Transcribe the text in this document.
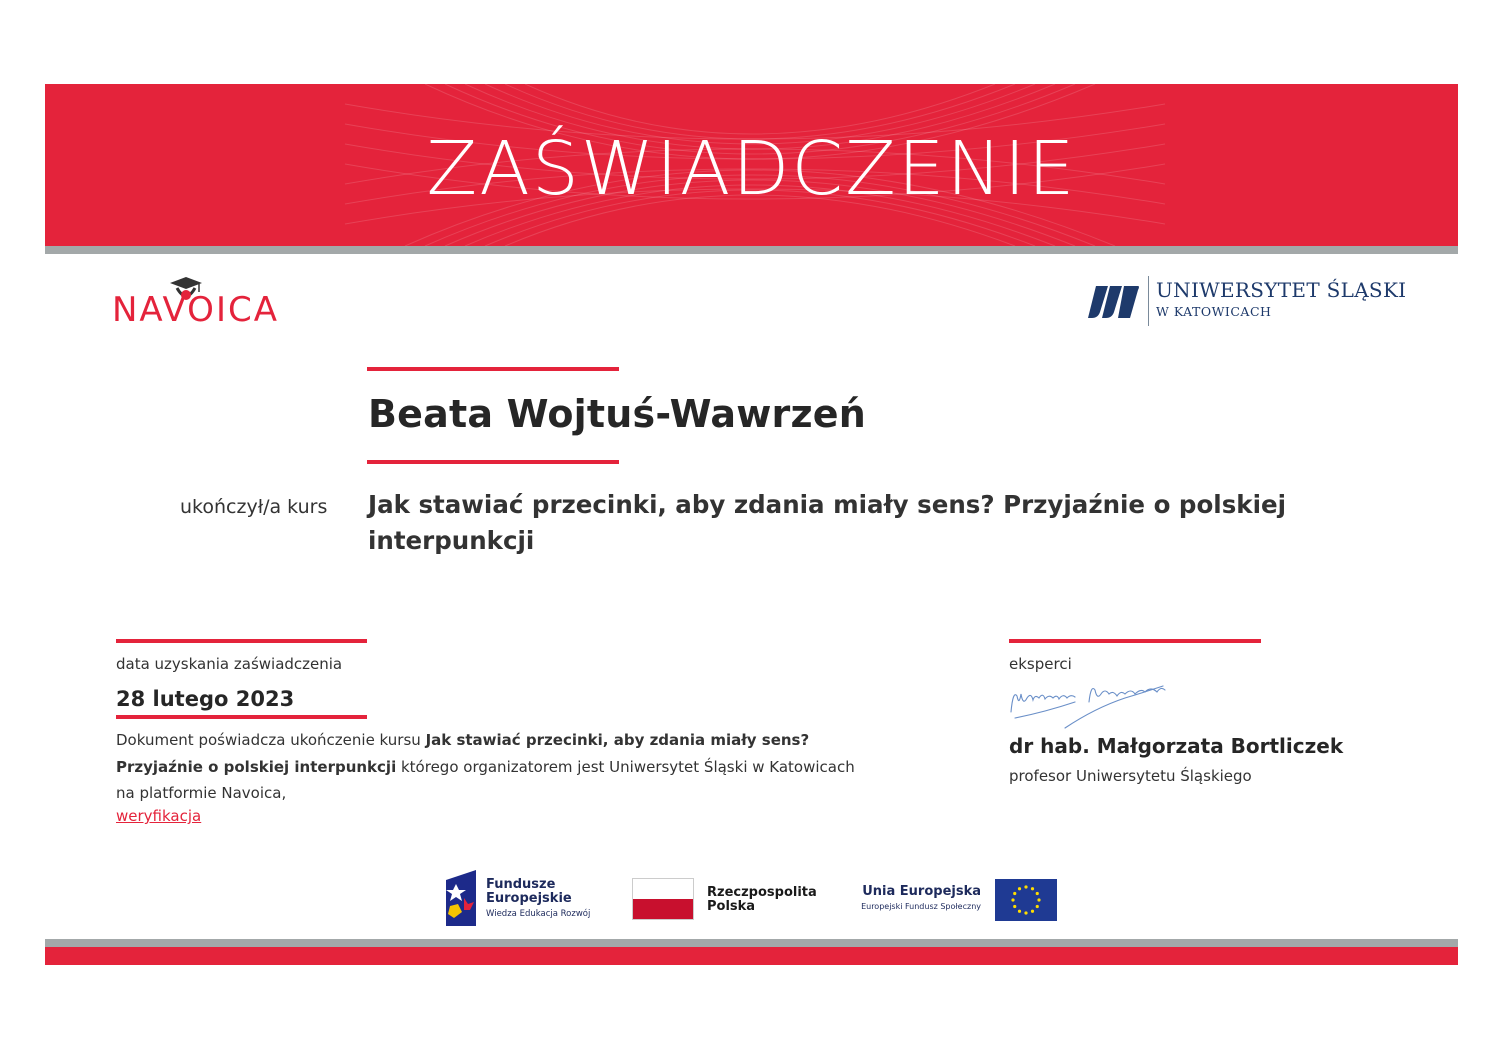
ZAŚWIADCZENIE
NAVOICA	UNIWERSYTET ŚLĄSKI
W KATOWICACH
Beata Wojtuś-Wawrzeń
ukończył/a kurs Jak stawiać przecinki, aby zdania miały sens? Przyjaźnie o polskiej interpunkcji
data uzyskania zaświadczenia
28 lutego 2023
Dokument poświadcza ukończenie kursu Jak stawiać przecinki, aby zdania miały sens? Przyjaźnie o polskiej interpunkcji którego organizatorem jest Uniwersytet Śląski w Katowicach na platformie Navoica,
weryfikacja
eksperci
dr hab. Małgorzata Bortliczek
profesor Uniwersytetu Śląskiego
Fundusze
Europejskie
Wiedza Edukacja Rozwój
Rzeczpospolita
Polska
Unia Europejska
Europejski Fundusz Społeczny
